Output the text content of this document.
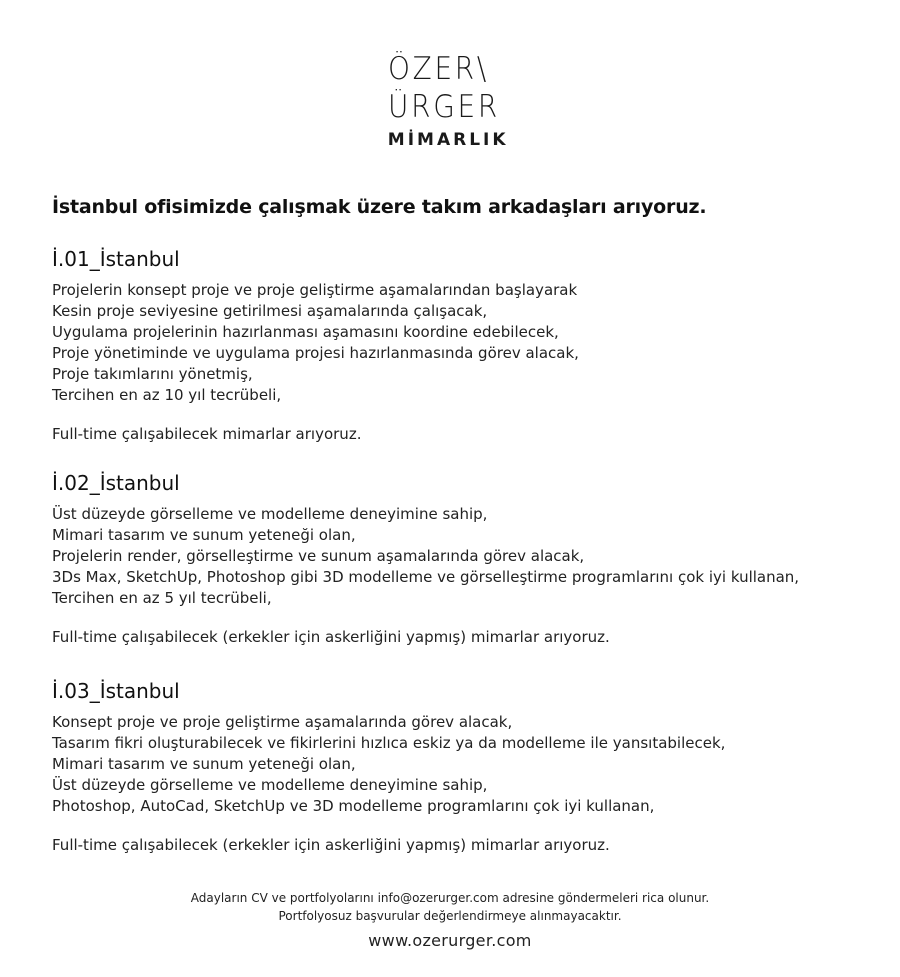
ÖZER\
ÜRGER
MİMARLIK
İstanbul ofisimizde çalışmak üzere takım arkadaşları arıyoruz.
İ.01_İstanbul
Projelerin konsept proje ve proje geliştirme aşamalarından başlayarak
Kesin proje seviyesine getirilmesi aşamalarında çalışacak,
Uygulama projelerinin hazırlanması aşamasını koordine edebilecek,
Proje yönetiminde ve uygulama projesi hazırlanmasında görev alacak,
Proje takımlarını yönetmiş,
Tercihen en az 10 yıl tecrübeli,
Full-time çalışabilecek mimarlar arıyoruz.
İ.02_İstanbul
Üst düzeyde görselleme ve modelleme deneyimine sahip,
Mimari tasarım ve sunum yeteneği olan,
Projelerin render, görselleştirme ve sunum aşamalarında görev alacak,
3Ds Max, SketchUp, Photoshop gibi 3D modelleme ve görselleştirme programlarını çok iyi kullanan,
Tercihen en az 5 yıl tecrübeli,
Full-time çalışabilecek (erkekler için askerliğini yapmış) mimarlar arıyoruz.
İ.03_İstanbul
Konsept proje ve proje geliştirme aşamalarında görev alacak,
Tasarım fikri oluşturabilecek ve fikirlerini hızlıca eskiz ya da modelleme ile yansıtabilecek,
Mimari tasarım ve sunum yeteneği olan,
Üst düzeyde görselleme ve modelleme deneyimine sahip,
Photoshop, AutoCad, SketchUp ve 3D modelleme programlarını çok iyi kullanan,
Full-time çalışabilecek (erkekler için askerliğini yapmış) mimarlar arıyoruz.
Adayların CV ve portfolyolarını info@ozerurger.com adresine göndermeleri rica olunur.
Portfolyosuz başvurular değerlendirmeye alınmayacaktır.
www.ozerurger.com
